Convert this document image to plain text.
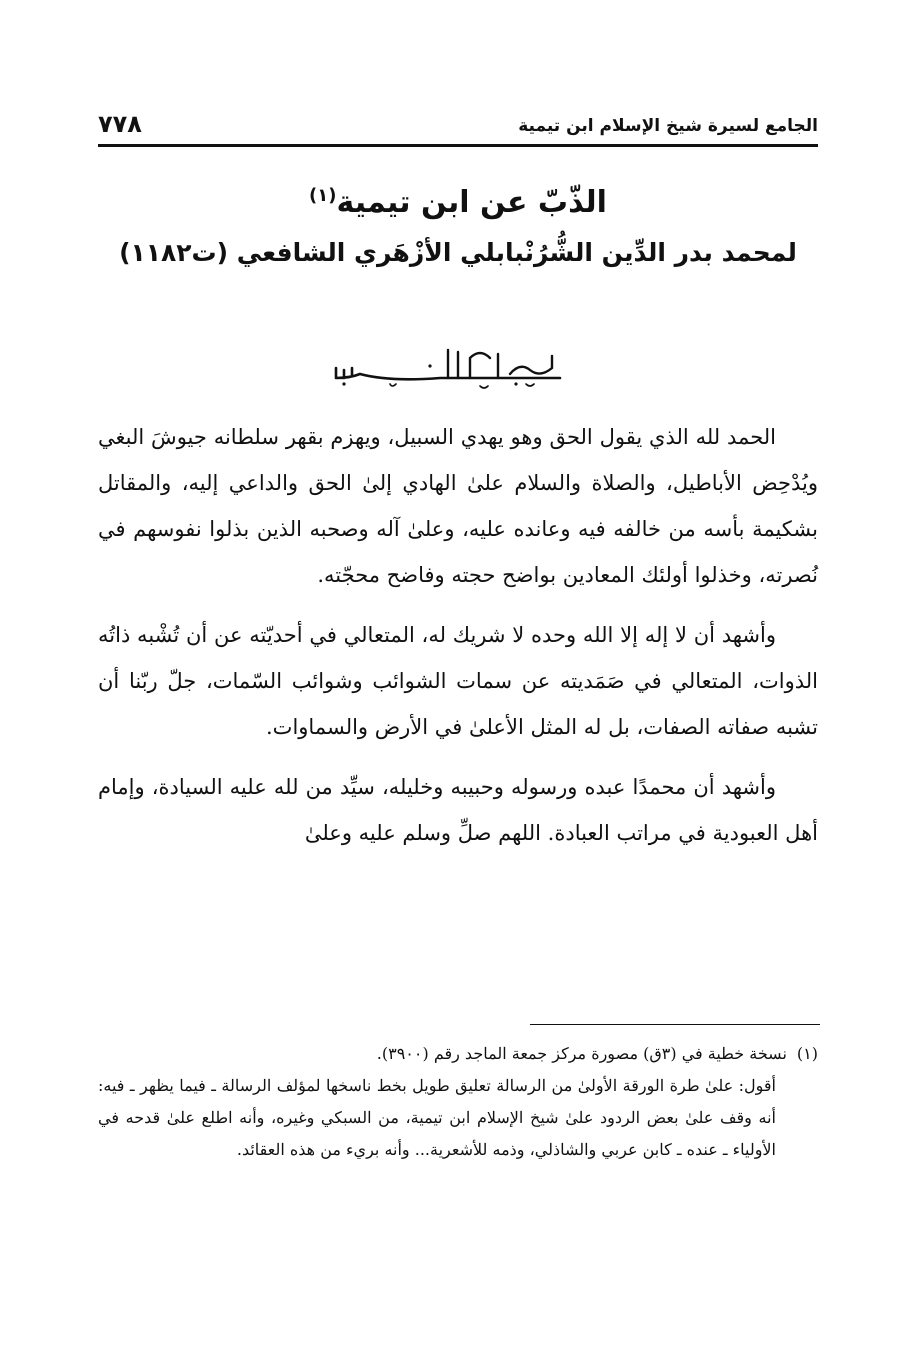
الجامع لسيرة شيخ الإسلام ابن تيمية
٧٧٨
الذّبّ عن ابن تيمية$^{(١)}$
لمحمد بدر الدِّين الشُّرُنْبابلي الأزْهَري الشافعي (ت١١٨٢)

الحمد لله الذي يقول الحق وهو يهدي السبيل، ويهزم بقهر سلطانه جيوشَ البغي ويُدْحِض الأباطيل، والصلاة والسلام علىٰ الهادي إلىٰ الحق والداعي إليه، والمقاتل بشكيمة بأسه من خالفه فيه وعانده عليه، وعلىٰ آله وصحبه الذين بذلوا نفوسهم في نُصرته، وخذلوا أولئك المعادين بواضح حجته وفاضح محجّته.

وأشهد أن لا إله إلا الله وحده لا شريك له، المتعالي في أحديّته عن أن تُشْبه ذاتُه الذوات، المتعالي في صَمَديته عن سمات الشوائب وشوائب السّمات، جلّ ربّنا أن تشبه صفاته الصفات، بل له المثل الأعلىٰ في الأرض والسماوات.

وأشهد أن محمدًا عبده ورسوله وحبيبه وخليله، سيِّد من لله عليه السيادة، وإمام أهل العبودية في مراتب العبادة. اللهم صلِّ وسلم عليه وعلىٰ

(١)نسخة خطية في (٣ق) مصورة مركز جمعة الماجد رقم (٣٩٠٠).

أقول: علىٰ طرة الورقة الأولىٰ من الرسالة تعليق طويل بخط ناسخها لمؤلف الرسالة ـ فيما يظهر ـ فيه: أنه وقف علىٰ بعض الردود علىٰ شيخ الإسلام ابن تيمية، من السبكي وغيره، وأنه اطلع علىٰ قدحه في الأولياء ـ عنده ـ كابن عربي والشاذلي، وذمه للأشعرية... وأنه بريء من هذه العقائد.
